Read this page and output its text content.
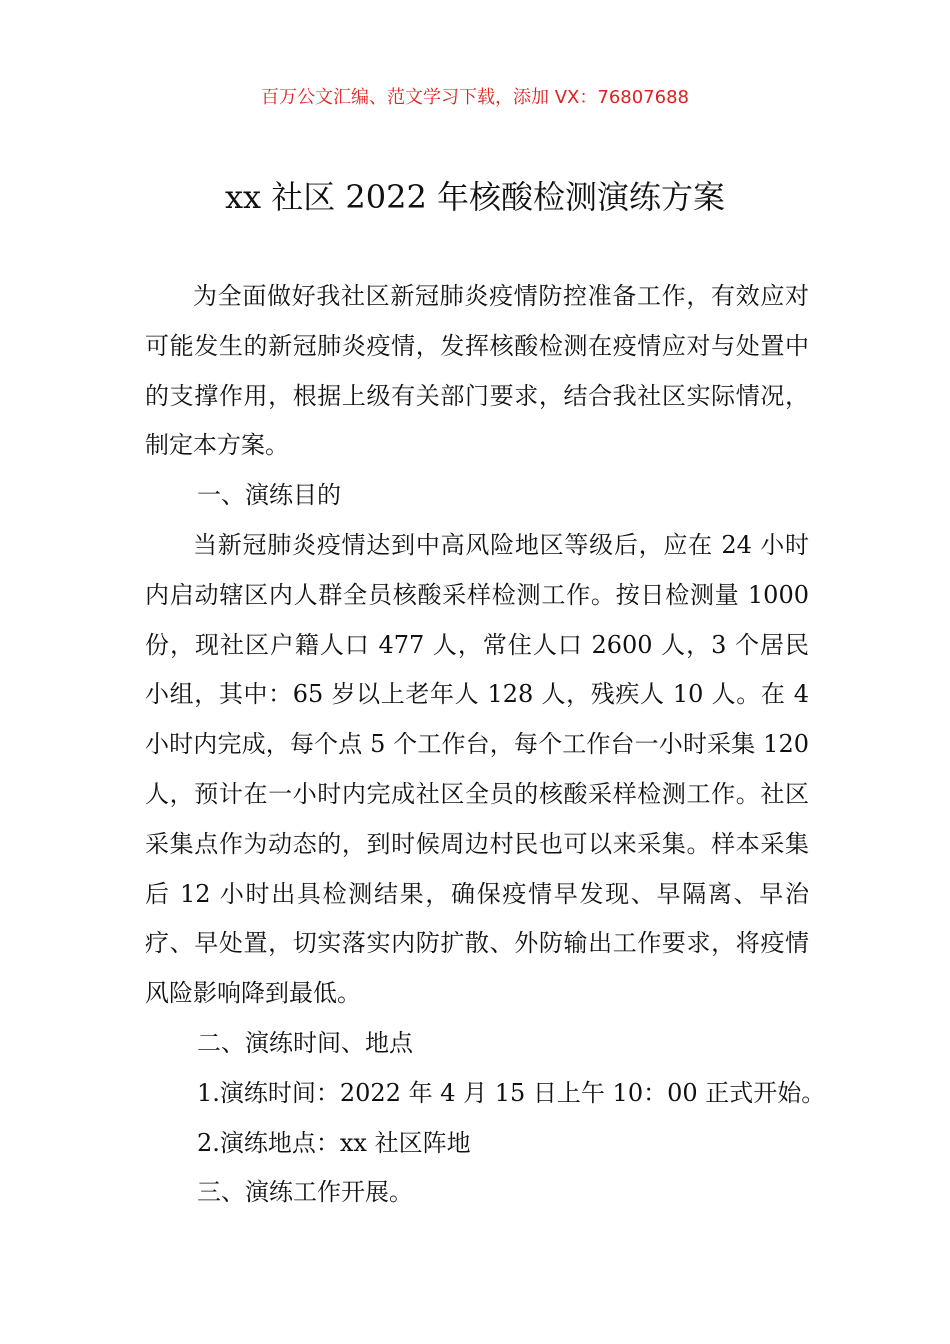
百万公文汇编、范文学习下载，添加 VX：76807688
xx 社区 2022 年核酸检测演练方案

为全面做好我社区新冠肺炎疫情防控准备工作，有效应对可能发生的新冠肺炎疫情，发挥核酸检测在疫情应对与处置中的支撑作用，根据上级有关部门要求，结合我社区实际情况，制定本方案。

一、演练目的

当新冠肺炎疫情达到中高风险地区等级后，应在 24 小时内启动辖区内人群全员核酸采样检测工作。按日检测量 1000 份，现社区户籍人口 477 人，常住人口 2600 人，3 个居民小组，其中：65 岁以上老年人 128 人，残疾人 10 人。在 4 小时内完成，每个点 5 个工作台，每个工作台一小时采集 120 人，预计在一小时内完成社区全员的核酸采样检测工作。社区采集点作为动态的，到时候周边村民也可以来采集。样本采集后 12 小时出具检测结果，确保疫情早发现、早隔离、早治疗、早处置，切实落实内防扩散、外防输出工作要求，将疫情风险影响降到最低。

二、演练时间、地点

1.演练时间：2022 年 4 月 15 日上午 10：00 正式开始。

2.演练地点：xx 社区阵地

三、演练工作开展。
